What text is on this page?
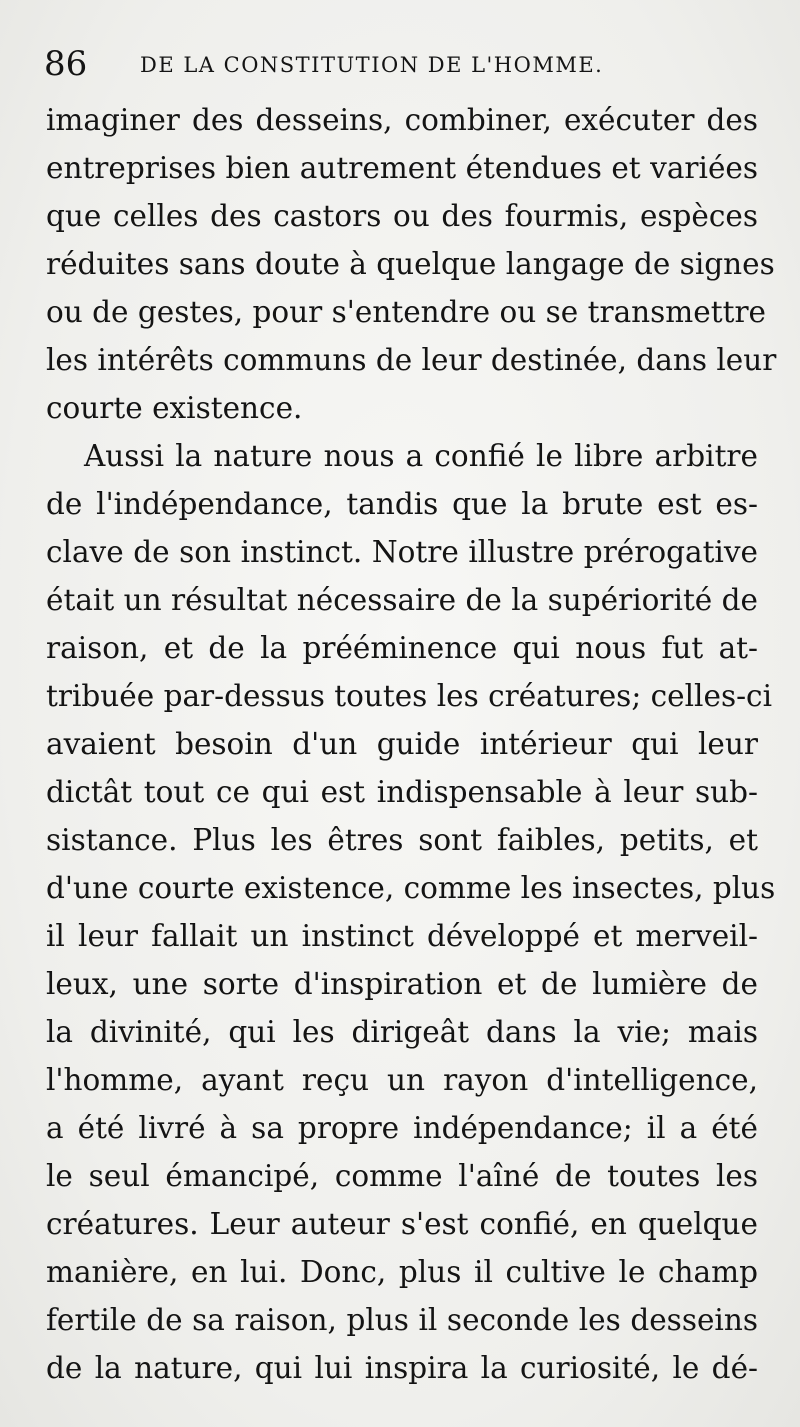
86	DE LA CONSTITUTION DE L'HOMME.
imaginer des desseins, combiner, exécuter des
entreprises bien autrement étendues et variées
que celles des castors ou des fourmis, espèces
réduites sans doute à quelque langage de signes
ou de gestes, pour s'entendre ou se transmettre
les intérêts communs de leur destinée, dans leur
courte existence.
Aussi la nature nous a confié le libre arbitre
de l'indépendance, tandis que la brute est es-
clave de son instinct. Notre illustre prérogative
était un résultat nécessaire de la supériorité de
raison, et de la prééminence qui nous fut at-
tribuée par-dessus toutes les créatures; celles-ci
avaient besoin d'un guide intérieur qui leur
dictât tout ce qui est indispensable à leur sub-
sistance. Plus les êtres sont faibles, petits, et
d'une courte existence, comme les insectes, plus
il leur fallait un instinct développé et merveil-
leux, une sorte d'inspiration et de lumière de
la divinité, qui les dirigeât dans la vie; mais
l'homme, ayant reçu un rayon d'intelligence,
a été livré à sa propre indépendance; il a été
le seul émancipé, comme l'aîné de toutes les
créatures. Leur auteur s'est confié, en quelque
manière, en lui. Donc, plus il cultive le champ
fertile de sa raison, plus il seconde les desseins
de la nature, qui lui inspira la curiosité, le dé-
